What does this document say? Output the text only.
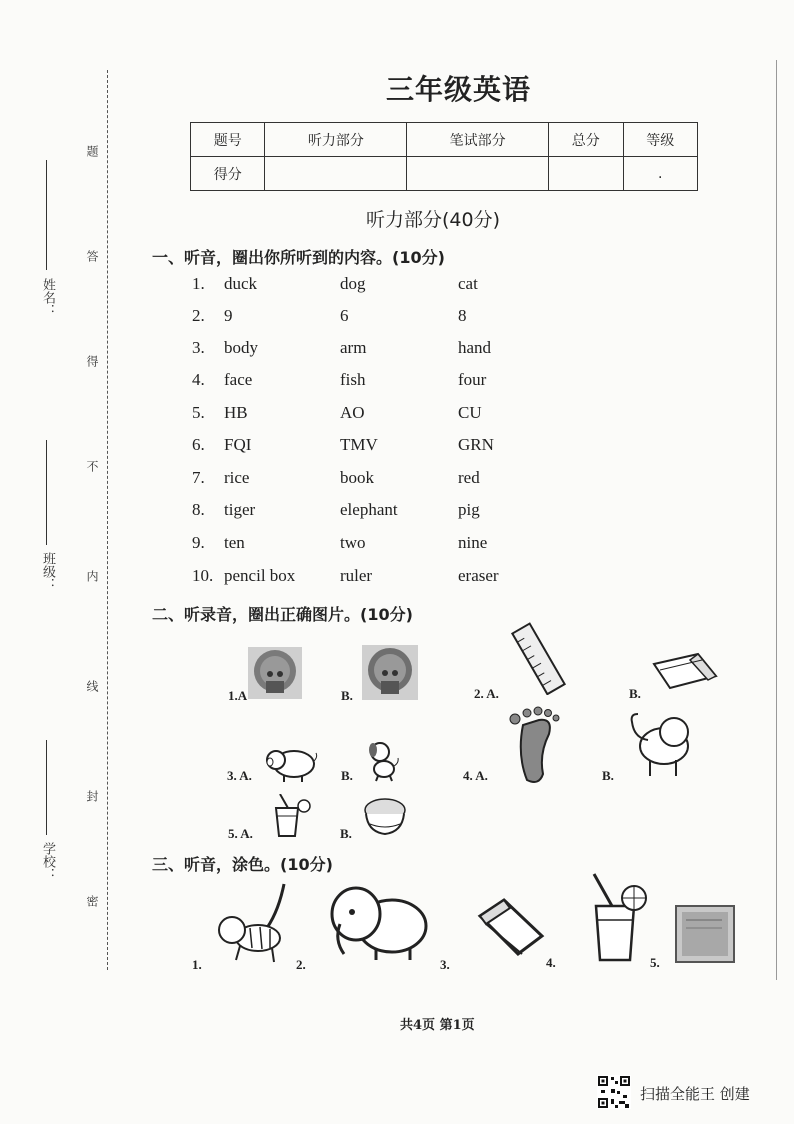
姓名：
班级：
学校：
题
答
得
不
内
线
封
密
三年级英语
题号	听力部分	笔试部分	总分	等级
得分				.
听力部分(40分)
一、听音，圈出你所听到的内容。(10分)
1.	duck	dog	cat
2.	9	6	8
3.	body	arm	hand
4.	face	fish	four
5.	HB	AO	CU
6.	FQI	TMV	GRN
7.	rice	book	red
8.	tiger	elephant	pig
9.	ten	two	nine
10. pencil box	ruler	eraser
二、听录音，圈出正确图片。(10分)
1.A	B.	2. A.	B.
3. A.	B.	4. A.	B.
5. A.	B.
三、听音，涂色。(10分)
1.	2.	3.	4.	5.
共4页 第1页
扫描全能王 创建
